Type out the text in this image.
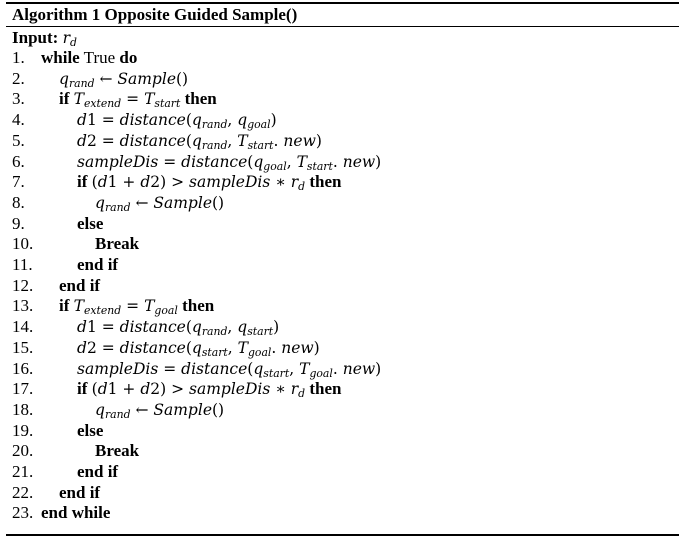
Algorithm 1 Opposite Guided Sample()
Input: $r_d$
1. while True do
2. $q_{rand}$ ← Sample()
3. if $T_{extend} = T_{start}$ then
4.	$d1 = distance(q_{rand}$, $q_{goal}$)
5.	$d2 = distance(q_{rand}$, $T_{start}$. new)
6.	sampleDis = $distance(q_{goal}$, $T_{start}$. new)
7.	if (d1 + d2) > sampleDis ∗ $r_d$ then
8.	$q_{rand}$ ← Sample()
9.	else
10.	Break
11.	end if
12. end if
13. if $T_{extend} = T_{goal}$ then
14.	$d1 = distance(q_{rand}$, $q_{start}$)
15.	$d2 = distance(q_{start}$, $T_{goal}$. new)
16.	sampleDis = $distance(q_{start}$, $T_{goal}$. new)
17.	if (d1 + d2) > sampleDis ∗ $r_d$ then
18.	$q_{rand}$ ← Sample()
19.	else
20.	Break
21.	end if
22. end if
23. end while
